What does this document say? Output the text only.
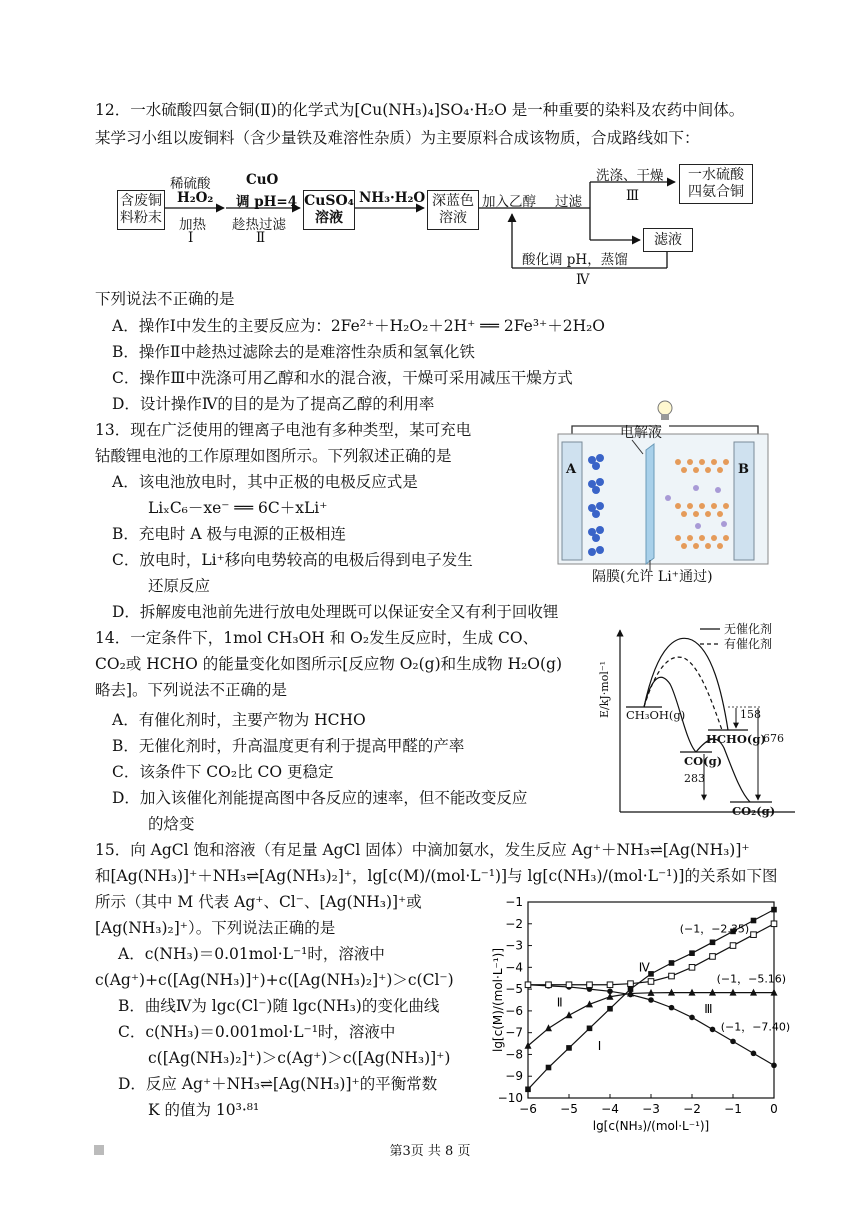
12．一水硫酸四氨合铜(Ⅱ)的化学式为[Cu(NH₃)₄]SO₄·H₂O 是一种重要的染料及农药中间体。
某学习小组以废铜料（含少量铁及难溶性杂质）为主要原料合成该物质，合成路线如下：
含废铜
料粉末
稀硫酸
H₂O₂
加热
Ⅰ
CuO
调 pH=4
趁热过滤
Ⅱ
CuSO₄
溶液
NH₃·H₂O 深蓝色
溶液
加入乙醇 过滤
洗涤、干燥
Ⅲ
一水硫酸
四氨合铜
滤液
酸化调 pH，蒸馏
Ⅳ
下列说法不正确的是
A．操作Ⅰ中发生的主要反应为：2Fe²⁺＋H₂O₂＋2H⁺ ══ 2Fe³⁺＋2H₂O
B．操作Ⅱ中趁热过滤除去的是难溶性杂质和氢氧化铁
C．操作Ⅲ中洗涤可用乙醇和水的混合液，干燥可采用减压干燥方式
D．设计操作Ⅳ的目的是为了提高乙醇的利用率
13．现在广泛使用的锂离子电池有多种类型，某可充电
钴酸锂电池的工作原理如图所示。下列叙述正确的是
A．该电池放电时，其中正极的电极反应式是
LiₓC₆－xe⁻ ══ 6C＋xLi⁺
B．充电时 A 极与电源的正极相连
C．放电时，Li⁺移向电势较高的电极后得到电子发生
还原反应
D．拆解废电池前先进行放电处理既可以保证安全又有利于回收锂
电解液
A	B
隔膜(允许 Li⁺通过)
14．一定条件下，1mol CH₃OH 和 O₂发生反应时，生成 CO、
CO₂或 HCHO 的能量变化如图所示[反应物 O₂(g)和生成物 H₂O(g)
略去]。下列说法不正确的是
A．有催化剂时，主要产物为 HCHO
B．无催化剂时，升高温度更有利于提高甲醛的产率
C．该条件下 CO₂比 CO 更稳定
D．加入该催化剂能提高图中各反应的速率，但不能改变反应
的焓变
E/kJ·mol⁻¹
无催化剂
有催化剂
CH₃OH(g)
HCHO(g)
CO(g)
CO₂(g)
158
676
283
15．向 AgCl 饱和溶液（有足量 AgCl 固体）中滴加氨水，发生反应 Ag⁺＋NH₃⇌[Ag(NH₃)]⁺
和[Ag(NH₃)]⁺＋NH₃⇌[Ag(NH₃)₂]⁺，lg[c(M)/(mol·L⁻¹)]与 lg[c(NH₃)/(mol·L⁻¹)]的关系如下图
所示（其中 M 代表 Ag⁺、Cl⁻、[Ag(NH₃)]⁺或
[Ag(NH₃)₂]⁺）。下列说法正确的是
A．c(NH₃)＝0.01mol·L⁻¹时，溶液中
c(Ag⁺)+c([Ag(NH₃)]⁺)+c([Ag(NH₃)₂]⁺)＞c(Cl⁻)
B．曲线Ⅳ为 lgc(Cl⁻)随 lgc(NH₃)的变化曲线
C．c(NH₃)＝0.001mol·L⁻¹时，溶液中
c([Ag(NH₃)₂]⁺)＞c(Ag⁺)＞c([Ag(NH₃)]⁺)
D．反应 Ag⁺＋NH₃⇌[Ag(NH₃)]⁺的平衡常数
K 的值为 10³·⁸¹	−6 −5 −4 −3 −2 −1 0
−1
−2
−3
−4
−5
−6
−7
−8
−9
−10
lg[c(NH₃)/(mol·L⁻¹)]
lg[c(M)/(mol·L⁻¹)]
(−1，−2.35)
(−1，−5.16)
(−1，−7.40)
Ⅰ
Ⅱ	Ⅲ
Ⅳ
第3页 共 8 页
